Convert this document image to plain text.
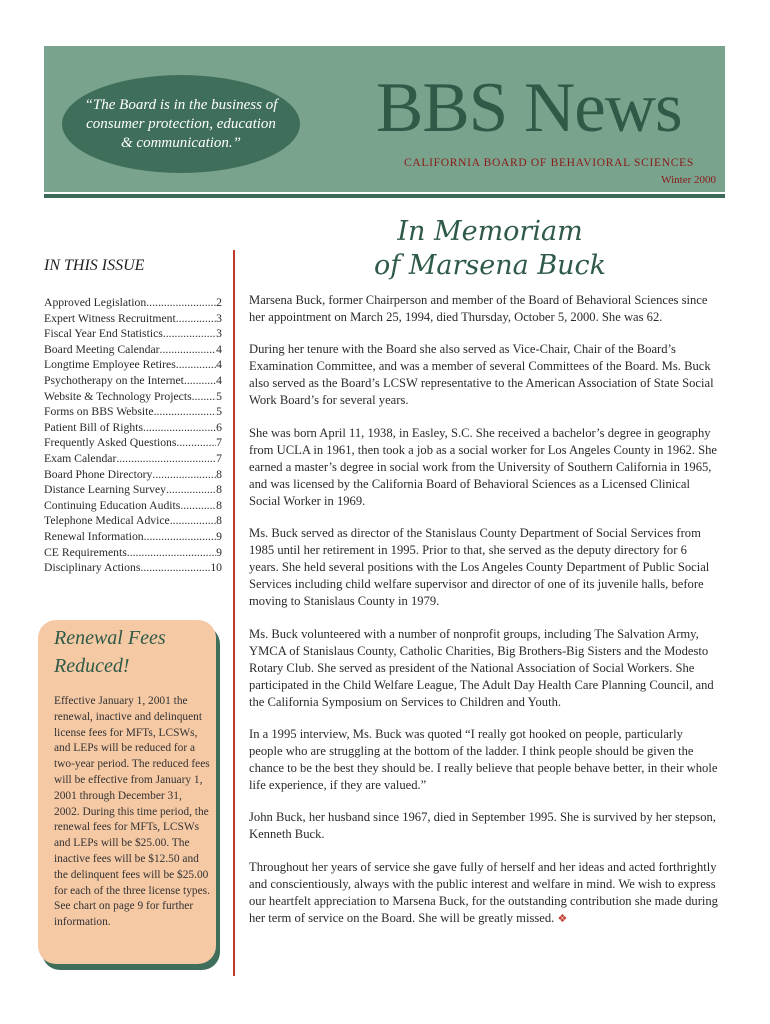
“The Board is in the business of consumer protection, education & communication.”	BBS News
CALIFORNIA BOARD OF BEHAVIORAL SCIENCES
Winter 2000
In Memoriam
of Marsena Buck
IN THIS ISSUE
Approved Legislation .....	2
Expert Witness Recruitment .....	3
Fiscal Year End Statistics .....	3
Board Meeting Calendar .....	4
Longtime Employee Retires .....	4
Psychotherapy on the Internet .....	4
Website & Technology Projects ..... 5
Forms on BBS Website .....	5
Patient Bill of Rights .....	6
Frequently Asked Questions .....	7
Exam Calendar .....	7
Board Phone Directory .....	8
Distance Learning Survey .....	8
Continuing Education Audits .....	8
Telephone Medical Advice .....	8
Renewal Information .....	9
CE Requirements .....	9
Disciplinary Actions .....	10
Renewal Fees Reduced!
Effective January 1, 2001 the renewal, inactive and delinquent license fees for MFTs, LCSWs, and LEPs will be reduced for a two-year period. The reduced fees will be effective from January 1, 2001 through December 31, 2002. During this time period, the renewal fees for MFTs, LCSWs and LEPs will be $25.00. The inactive fees will be $12.50 and the delinquent fees will be $25.00 for each of the three license types. See chart on page 9 for further information.

Marsena Buck, former Chairperson and member of the Board of Behavioral Sciences since her appointment on March 25, 1994, died Thursday, October 5, 2000. She was 62.

During her tenure with the Board she also served as Vice-Chair, Chair of the Board’s Examination Committee, and was a member of several Committees of the Board. Ms. Buck also served as the Board’s LCSW representative to the American Association of State Social Work Board’s for several years.

She was born April 11, 1938, in Easley, S.C. She received a bachelor’s degree in geography from UCLA in 1961, then took a job as a social worker for Los Angeles County in 1962. She earned a master’s degree in social work from the University of Southern California in 1965, and was licensed by the California Board of Behavioral Sciences as a Licensed Clinical Social Worker in 1969.

Ms. Buck served as director of the Stanislaus County Department of Social Services from 1985 until her retirement in 1995. Prior to that, she served as the deputy directory for 6 years. She held several positions with the Los Angeles County Department of Public Social Services including child welfare supervisor and director of one of its juvenile halls, before moving to Stanislaus County in 1979.

Ms. Buck volunteered with a number of nonprofit groups, including The Salvation Army, YMCA of Stanislaus County, Catholic Charities, Big Brothers-Big Sisters and the Modesto Rotary Club. She served as president of the National Association of Social Workers. She participated in the Child Welfare League, The Adult Day Health Care Planning Council, and the California Symposium on Services to Children and Youth.

In a 1995 interview, Ms. Buck was quoted “I really got hooked on people, particularly people who are struggling at the bottom of the ladder. I think people should be given the chance to be the best they should be. I really believe that people behave better, in their whole life experience, if they are valued.”

John Buck, her husband since 1967, died in September 1995. She is survived by her stepson, Kenneth Buck.

Throughout her years of service she gave fully of herself and her ideas and acted forthrightly and conscientiously, always with the public interest and welfare in mind. We wish to express our heartfelt appreciation to Marsena Buck, for the outstanding contribution she made during her term of service on the Board. She will be greatly missed. ❖
